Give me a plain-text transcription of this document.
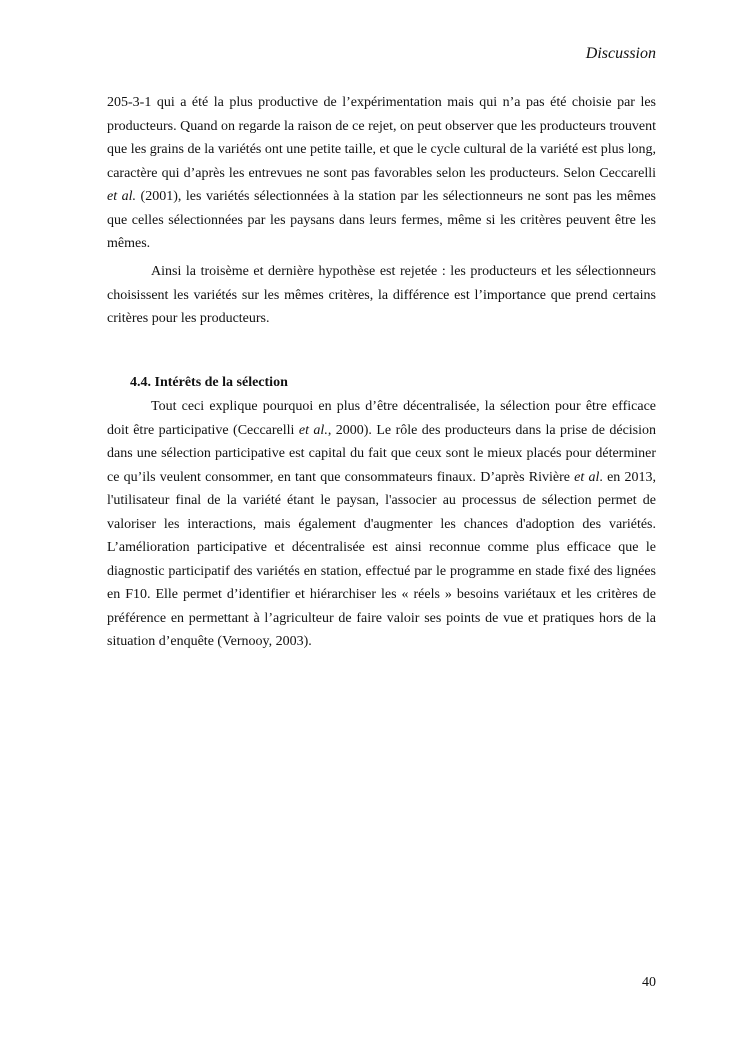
Discussion

205-3-1 qui a été la plus productive de l’expérimentation mais qui n’a pas été choisie par les producteurs. Quand on regarde la raison de ce rejet, on peut observer que les producteurs trouvent que les grains de la variétés ont une petite taille, et que le cycle cultural de la variété est plus long, caractère qui d’après les entrevues ne sont pas favorables selon les producteurs. Selon Ceccarelli et al. (2001), les variétés sélectionnées à la station par les sélectionneurs ne sont pas les mêmes que celles sélectionnées par les paysans dans leurs fermes, même si les critères peuvent être les mêmes.

Ainsi la troisème et dernière hypothèse est rejetée : les producteurs et les sélectionneurs choisissent les variétés sur les mêmes critères, la différence est l’importance que prend certains critères pour les producteurs.

4.4. Intérêts de la sélection

Tout ceci explique pourquoi en plus d’être décentralisée, la sélection pour être efficace doit être participative (Ceccarelli et al., 2000). Le rôle des producteurs dans la prise de décision dans une sélection participative est capital du fait que ceux sont le mieux placés pour déterminer ce qu’ils veulent consommer, en tant que consommateurs finaux. D’après Rivière et al. en 2013, l'utilisateur final de la variété étant le paysan, l'associer au processus de sélection permet de valoriser les interactions, mais également d'augmenter les chances d'adoption des variétés. L’amélioration participative et décentralisée est ainsi reconnue comme plus efficace que le diagnostic participatif des variétés en station, effectué par le programme en stade fixé des lignées en F10. Elle permet d’identifier et hiérarchiser les « réels » besoins variétaux et les critères de préférence en permettant à l’agriculteur de faire valoir ses points de vue et pratiques hors de la situation d’enquête (Vernooy, 2003).

40
